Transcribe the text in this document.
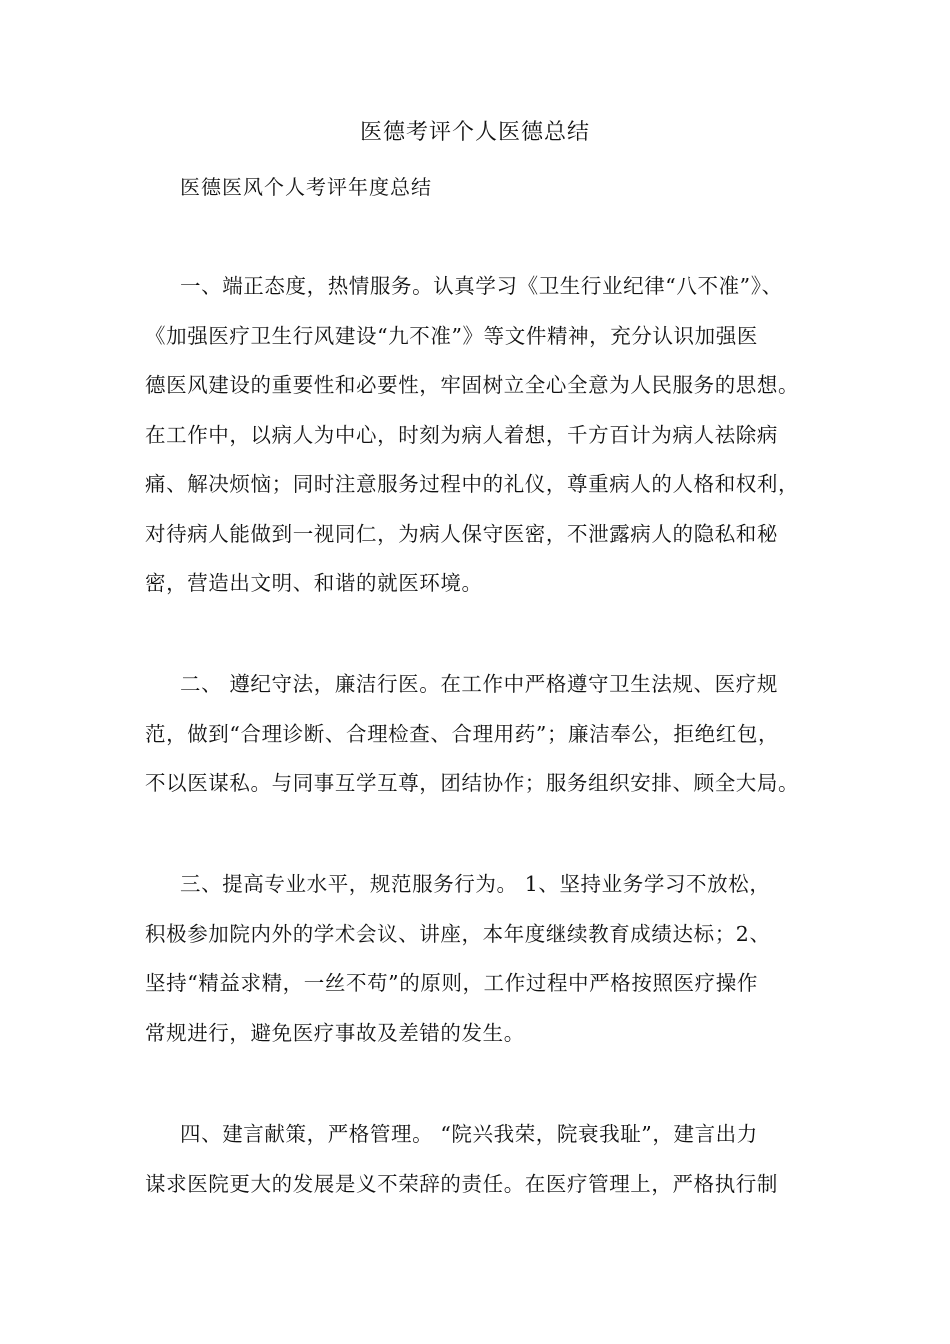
医德考评个人医德总结
医德医风个人考评年度总结
一、端正态度，热情服务。认真学习《卫生行业纪律“八不准”》、
《加强医疗卫生行风建设“九不准”》等文件精神，充分认识加强医
德医风建设的重要性和必要性，牢固树立全心全意为人民服务的思想。
在工作中，以病人为中心，时刻为病人着想，千方百计为病人祛除病
痛、解决烦恼；同时注意服务过程中的礼仪，尊重病人的人格和权利，
对待病人能做到一视同仁，为病人保守医密，不泄露病人的隐私和秘
密，营造出文明、和谐的就医环境。
二、 遵纪守法，廉洁行医。在工作中严格遵守卫生法规、医疗规
范，做到“合理诊断、合理检查、合理用药”；廉洁奉公，拒绝红包，
不以医谋私。与同事互学互尊，团结协作；服务组织安排、顾全大局。
三、提高专业水平，规范服务行为。 1、坚持业务学习不放松，
积极参加院内外的学术会议、讲座，本年度继续教育成绩达标；2、
坚持“精益求精，一丝不苟”的原则，工作过程中严格按照医疗操作
常规进行，避免医疗事故及差错的发生。
四、建言献策，严格管理。 “院兴我荣，院衰我耻”，建言出力
谋求医院更大的发展是义不荣辞的责任。在医疗管理上，严格执行制
